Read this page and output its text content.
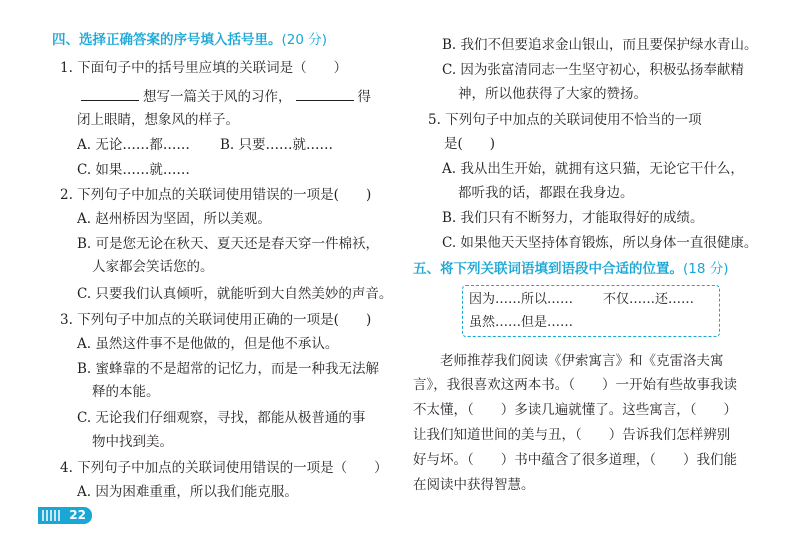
四、选择正确答案的序号填入括号里。(20 分)
1. 下面句子中的括号里应填的关联词是（　　）
想写一篇关于风的习作，	得
闭上眼睛，想象风的样子。
A. 无论……都…… B. 只要……就……
C. 如果……就……
2. 下列句子中加点的关联词使用错误的一项是(　　)
A. 赵州桥因为坚固，所以美观。
B. 可是您无论在秋天、夏天还是春天穿一件棉袄，
人家都会笑话您的。
C. 只要我们认真倾听，就能听到大自然美妙的声音。
3. 下列句子中加点的关联词使用正确的一项是(　　)
A. 虽然这件事不是他做的，但是他不承认。
B. 蜜蜂靠的不是超常的记忆力，而是一种我无法解
释的本能。
C. 无论我们仔细观察，寻找，都能从极普通的事
物中找到美。
4. 下列句子中加点的关联词使用错误的一项是（　　）
A. 因为困难重重，所以我们能克服。
B. 我们不但要追求金山银山，而且要保护绿水青山。
C. 因为张富清同志一生坚守初心，积极弘扬奉献精
神，所以他获得了大家的赞扬。
5. 下列句子中加点的关联词使用不恰当的一项
是(　　)
A. 我从出生开始，就拥有这只猫，无论它干什么，
都听我的话，都跟在我身边。
B. 我们只有不断努力，才能取得好的成绩。
C. 如果他天天坚持体育锻炼，所以身体一直很健康。
五、将下列关联词语填到语段中合适的位置。(18 分)
老师推荐我们阅读《伊索寓言》和《克雷洛夫寓
言》，我很喜欢这两本书。（　　）一开始有些故事我读
不太懂，（　　）多读几遍就懂了。这些寓言，（　　）
让我们知道世间的美与丑，（　　）告诉我们怎样辨别
好与坏。（　　）书中蕴含了很多道理，（　　）我们能
在阅读中获得智慧。
因为……所以…… 不仅……还……
虽然……但是……
22
